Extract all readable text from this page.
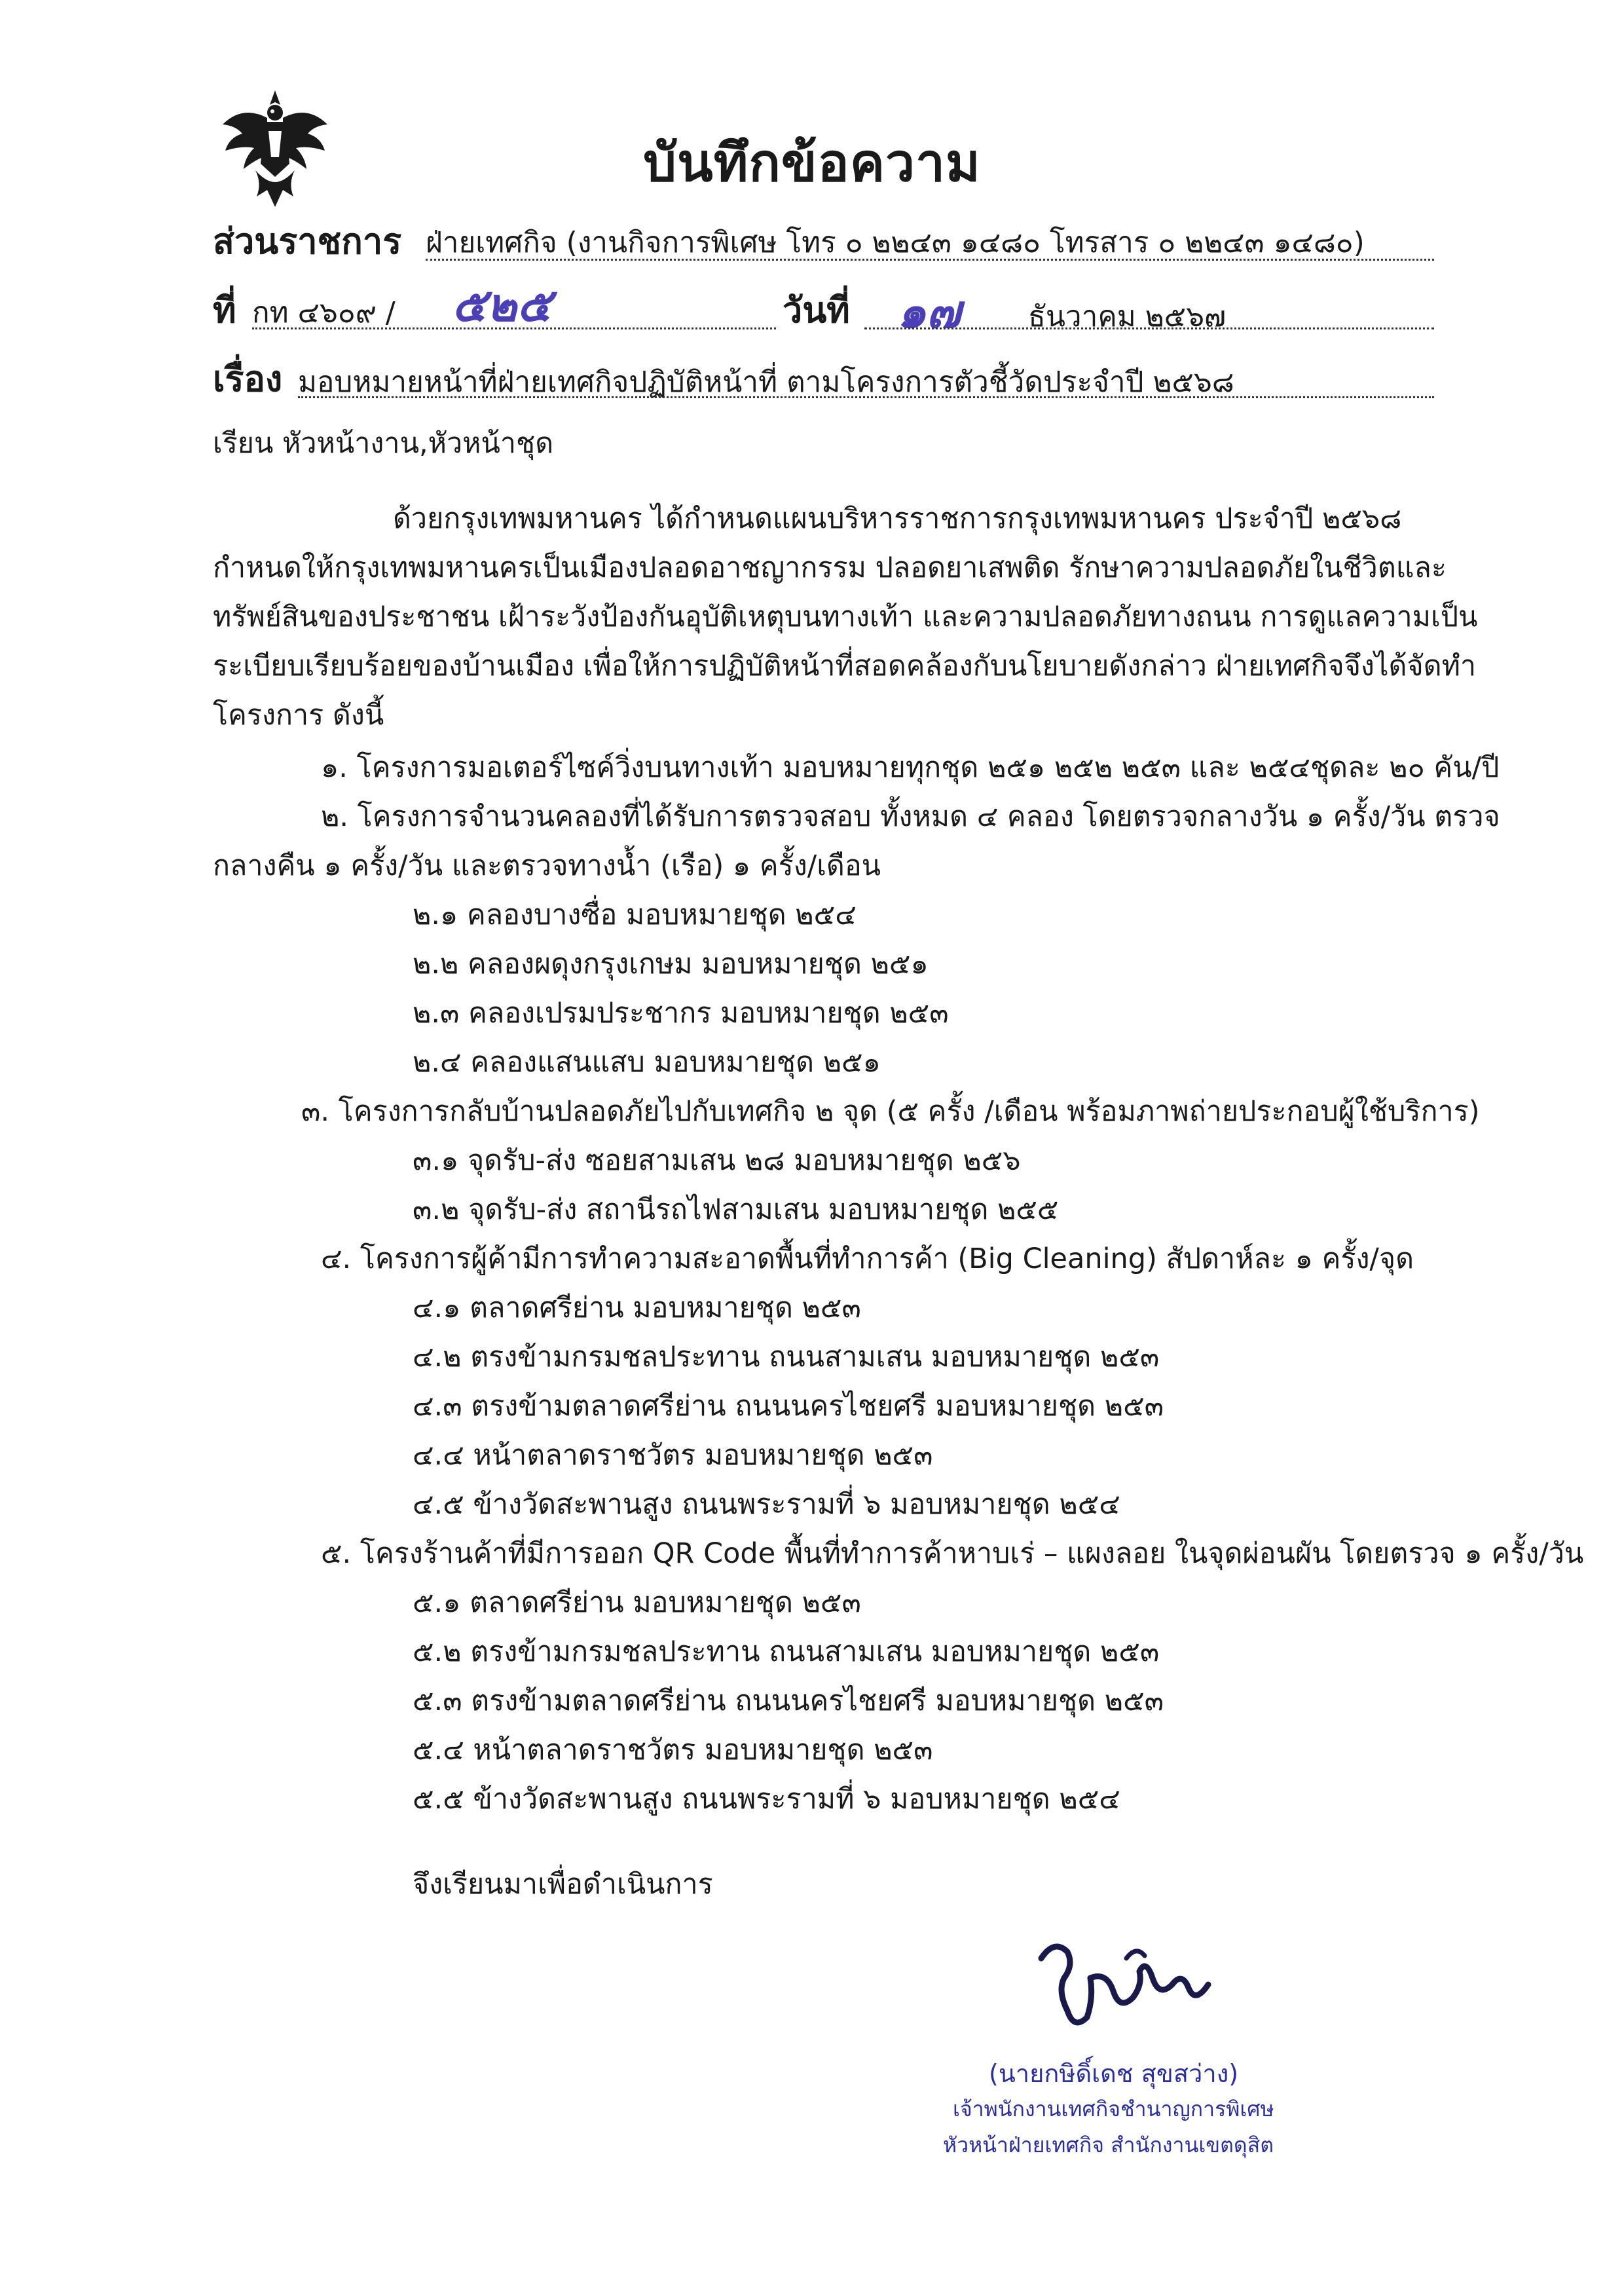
บันทึกข้อความ
ส่วนราชการ ฝ่ายเทศกิจ (งานกิจการพิเศษ โทร ๐ ๒๒๔๓ ๑๔๘๐ โทรสาร ๐ ๒๒๔๓ ๑๔๘๐)
ที่ กท ๔๖๐๙ / ๕๒๕	วันที่ ๑๗ ธันวาคม ๒๕๖๗
เรื่อง มอบหมายหน้าที่ฝ่ายเทศกิจปฏิบัติหน้าที่ ตามโครงการตัวชี้วัดประจำปี ๒๕๖๘
เรียน หัวหน้างาน,หัวหน้าชุด
ด้วยกรุงเทพมหานคร ได้กำหนดแผนบริหารราชการกรุงเทพมหานคร ประจำปี ๒๕๖๘
กำหนดให้กรุงเทพมหานครเป็นเมืองปลอดอาชญากรรม ปลอดยาเสพติด รักษาความปลอดภัยในชีวิตและ
ทรัพย์สินของประชาชน เฝ้าระวังป้องกันอุบัติเหตุบนทางเท้า และความปลอดภัยทางถนน การดูแลความเป็น
ระเบียบเรียบร้อยของบ้านเมือง เพื่อให้การปฏิบัติหน้าที่สอดคล้องกับนโยบายดังกล่าว ฝ่ายเทศกิจจึงได้จัดทำ
โครงการ ดังนี้
๑. โครงการมอเตอร์ไซค์วิ่งบนทางเท้า มอบหมายทุกชุด ๒๕๑ ๒๕๒ ๒๕๓ และ ๒๕๔ชุดละ ๒๐ คัน/ปี
๒. โครงการจำนวนคลองที่ได้รับการตรวจสอบ ทั้งหมด ๔ คลอง โดยตรวจกลางวัน ๑ ครั้ง/วัน ตรวจ
กลางคืน ๑ ครั้ง/วัน และตรวจทางน้ำ (เรือ) ๑ ครั้ง/เดือน
๒.๑ คลองบางซื่อ มอบหมายชุด ๒๕๔
๒.๒ คลองผดุงกรุงเกษม มอบหมายชุด ๒๕๑
๒.๓ คลองเปรมประชากร มอบหมายชุด ๒๕๓
๒.๔ คลองแสนแสบ มอบหมายชุด ๒๕๑
๓. โครงการกลับบ้านปลอดภัยไปกับเทศกิจ ๒ จุด (๕ ครั้ง /เดือน พร้อมภาพถ่ายประกอบผู้ใช้บริการ)
๓.๑ จุดรับ-ส่ง ซอยสามเสน ๒๘ มอบหมายชุด ๒๕๖
๓.๒ จุดรับ-ส่ง สถานีรถไฟสามเสน มอบหมายชุด ๒๕๕
๔. โครงการผู้ค้ามีการทำความสะอาดพื้นที่ทำการค้า (Big Cleaning) สัปดาห์ละ ๑ ครั้ง/จุด
๔.๑ ตลาดศรีย่าน มอบหมายชุด ๒๕๓
๔.๒ ตรงข้ามกรมชลประทาน ถนนสามเสน มอบหมายชุด ๒๕๓
๔.๓ ตรงข้ามตลาดศรีย่าน ถนนนครไชยศรี มอบหมายชุด ๒๕๓
๔.๔ หน้าตลาดราชวัตร มอบหมายชุด ๒๕๓
๔.๕ ข้างวัดสะพานสูง ถนนพระรามที่ ๖ มอบหมายชุด ๒๕๔
๕. โครงร้านค้าที่มีการออก QR Code พื้นที่ทำการค้าหาบเร่ – แผงลอย ในจุดผ่อนผัน โดยตรวจ ๑ ครั้ง/วัน
๕.๑ ตลาดศรีย่าน มอบหมายชุด ๒๕๓
๕.๒ ตรงข้ามกรมชลประทาน ถนนสามเสน มอบหมายชุด ๒๕๓
๕.๓ ตรงข้ามตลาดศรีย่าน ถนนนครไชยศรี มอบหมายชุด ๒๕๓
๕.๔ หน้าตลาดราชวัตร มอบหมายชุด ๒๕๓
๕.๕ ข้างวัดสะพานสูง ถนนพระรามที่ ๖ มอบหมายชุด ๒๕๔
จึงเรียนมาเพื่อดำเนินการ
(นายกษิดิ์เดช สุขสว่าง)
เจ้าพนักงานเทศกิจชำนาญการพิเศษ
หัวหน้าฝ่ายเทศกิจ สำนักงานเขตดุสิต
